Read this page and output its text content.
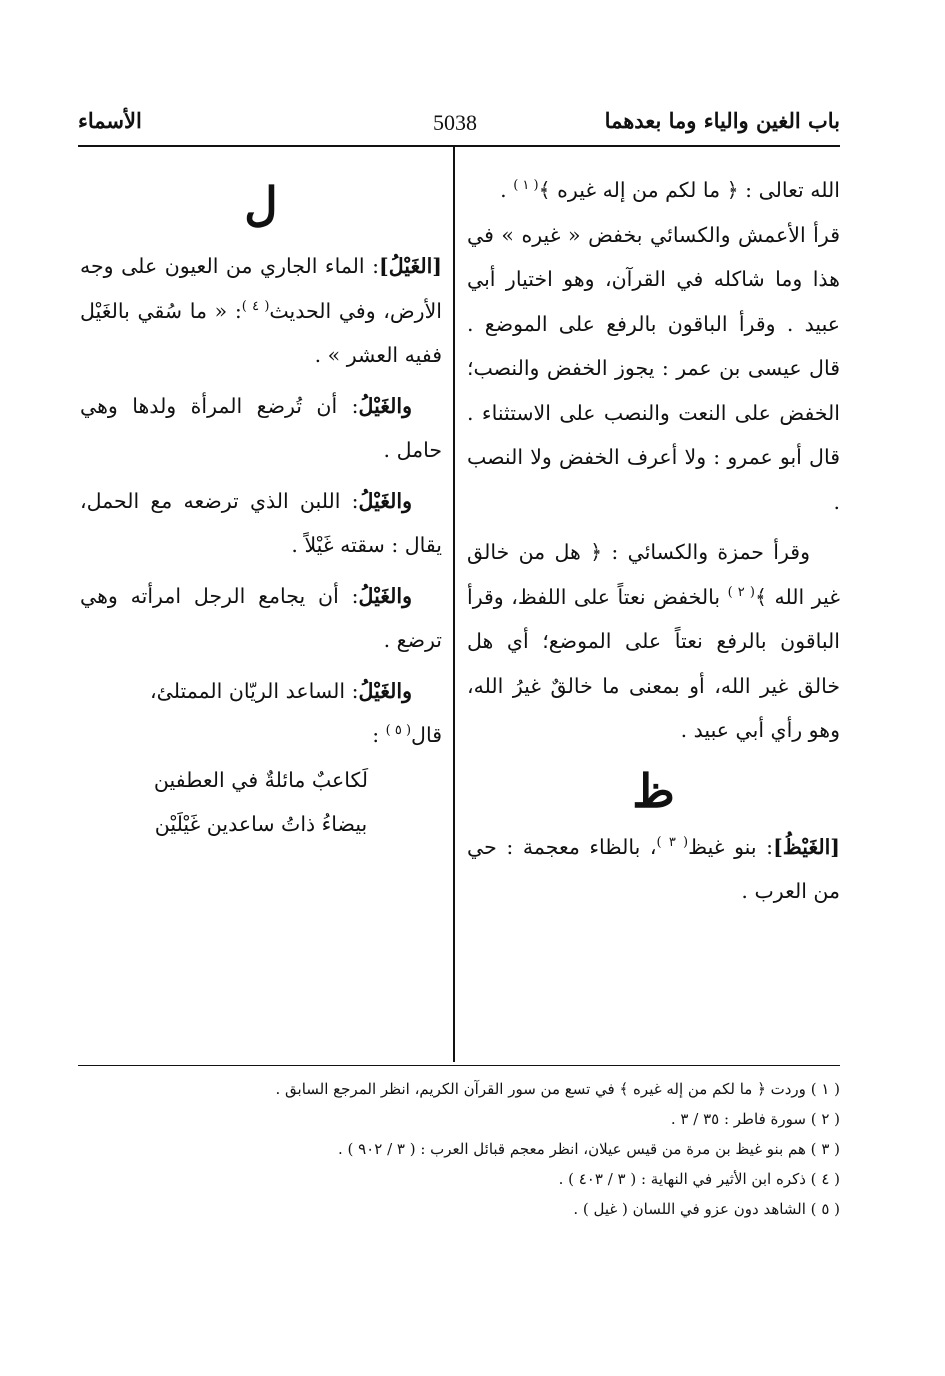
باب الغين والياء وما بعدهما
5038
الأسماء

الله تعالى : ﴿ ما لكم من إله غيره ﴾$^{( ١ )}$ .

قرأ الأعمش والكسائي بخفض « غيره » في هذا وما شاكله في القرآن، وهو اختيار أبي عبيد . وقرأ الباقون بالرفع على الموضع . قال عيسى بن عمر : يجوز الخفض والنصب؛ الخفض على النعت والنصب على الاستثناء . قال أبو عمرو : ولا أعرف الخفض ولا النصب .

وقرأ حمزة والكسائي : ﴿ هل من خالق غير الله ﴾$^{( ٢ )}$ بالخفض نعتاً على اللفظ، وقرأ الباقون بالرفع نعتاً على الموضع؛ أي هل خالق غير الله، أو بمعنى ما خالقٌ غيرُ الله، وهو رأي أبي عبيد .

ظ

[الغَيْظُ]: بنو غيظ$^{( ٣ )}$، بالظاء معجمة : حي من العرب .

ل

[الغَيْلُ]: الماء الجاري من العيون على وجه الأرض، وفي الحديث$^{( ٤ )}$: « ما سُقي بالغَيْل ففيه العشر » .

والغَيْلُ: أن تُرضع المرأة ولدها وهي حامل .

والغَيْلُ: اللبن الذي ترضعه مع الحمل، يقال : سقته غَيْلاً .

والغَيْلُ: أن يجامع الرجل امرأته وهي ترضع .

والغَيْلُ: الساعد الريّان الممتلئ،

قال$^{( ٥ )}$ :

لَكاعبٌ مائلةٌ في العطفين
بيضاءُ ذاتُ ساعدين غَيْلَيْن
( ١ ) وردت ﴿ ما لكم من إله غيره ﴾ في تسع من سور القرآن الكريم، انظر المرجع السابق .
( ٢ ) سورة فاطر : ٣٥ / ٣ .
( ٣ ) هم بنو غيظ بن مرة من قيس عيلان، انظر معجم قبائل العرب : ( ٣ / ٩٠٢ ) .
( ٤ ) ذكره ابن الأثير في النهاية : ( ٣ / ٤٠٣ ) .
( ٥ ) الشاهد دون عزو في اللسان ( غيل ) .
